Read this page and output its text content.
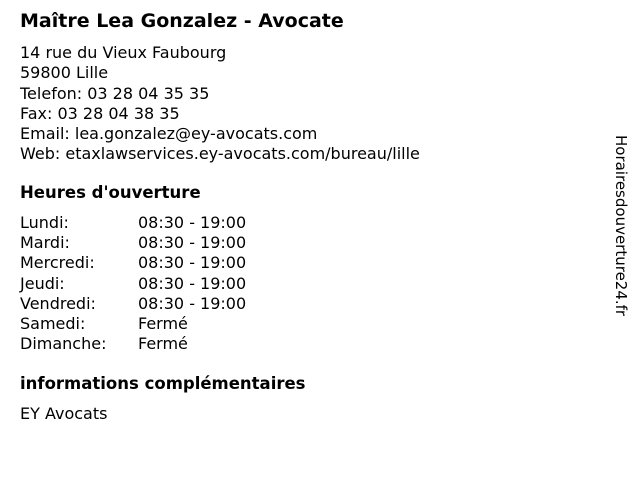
Maître Lea Gonzalez - Avocate
14 rue du Vieux Faubourg
59800 Lille
Telefon: 03 28 04 35 35
Fax: 03 28 04 38 35
Email: lea.gonzalez@ey-avocats.com
Web: etaxlawservices.ey-avocats.com/bureau/lille
Heures d'ouverture
Lundi:	08:30 - 19:00
Mardi:	08:30 - 19:00
Mercredi:	08:30 - 19:00
Jeudi:	08:30 - 19:00
Vendredi:	08:30 - 19:00
Samedi:	Fermé
Dimanche: Fermé
informations complémentaires
EY Avocats
Horairesdouverture24.fr
